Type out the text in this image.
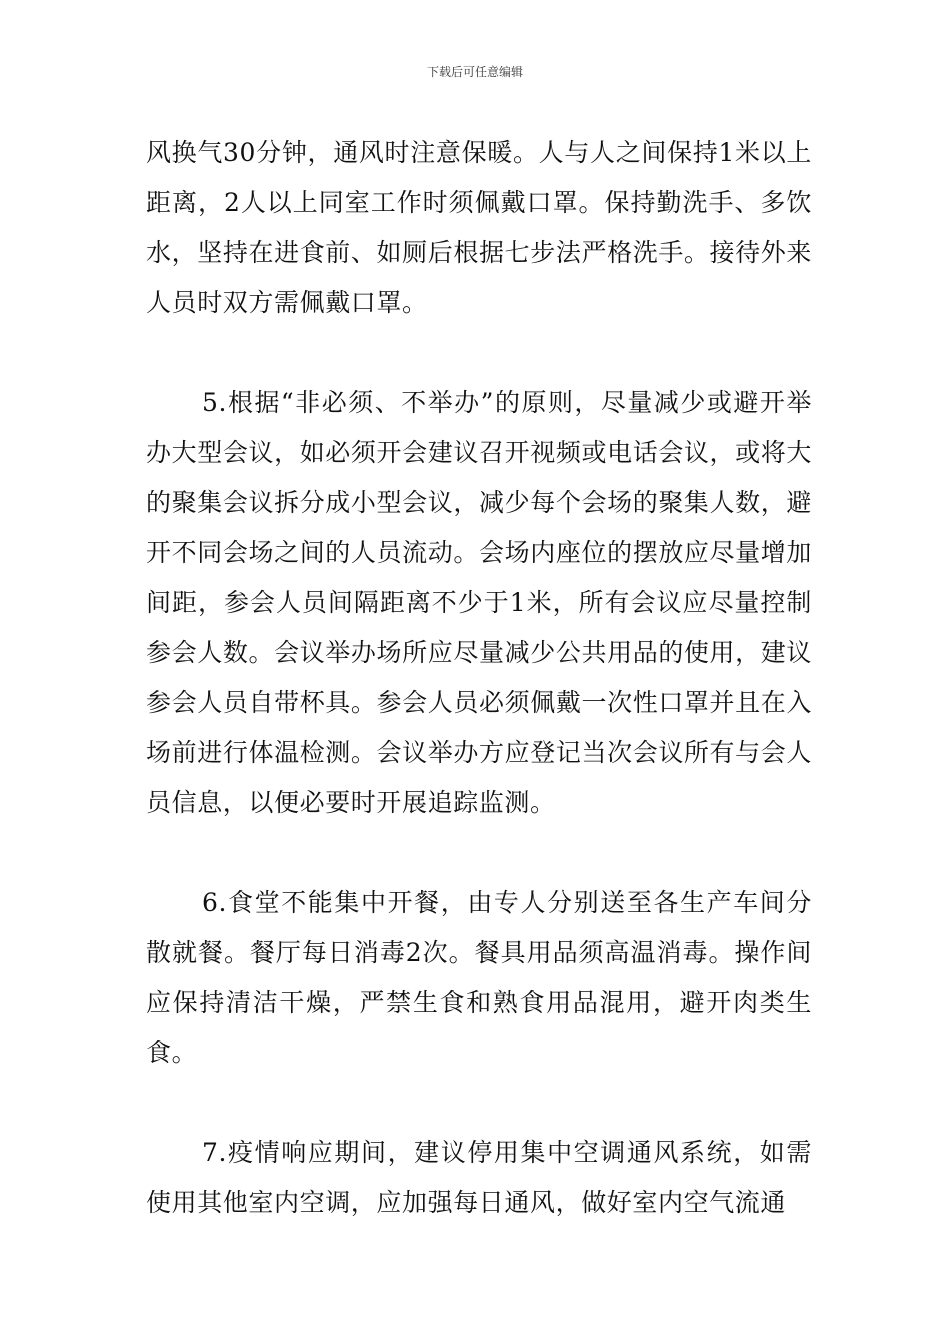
下载后可任意编辑

风换气30分钟，通风时注意保暖。人与人之间保持1米以上距离，2人以上同室工作时须佩戴口罩。保持勤洗手、多饮水，坚持在进食前、如厕后根据七步法严格洗手。接待外来人员时双方需佩戴口罩。

5.根据“非必须、不举办”的原则，尽量减少或避开举办大型会议，如必须开会建议召开视频或电话会议，或将大的聚集会议拆分成小型会议，减少每个会场的聚集人数，避开不同会场之间的人员流动。会场内座位的摆放应尽量增加间距，参会人员间隔距离不少于1米，所有会议应尽量控制参会人数。会议举办场所应尽量减少公共用品的使用，建议参会人员自带杯具。参会人员必须佩戴一次性口罩并且在入场前进行体温检测。会议举办方应登记当次会议所有与会人员信息，以便必要时开展追踪监测。

6.食堂不能集中开餐，由专人分别送至各生产车间分散就餐。餐厅每日消毒2次。餐具用品须高温消毒。操作间应保持清洁干燥，严禁生食和熟食用品混用，避开肉类生食。

7.疫情响应期间，建议停用集中空调通风系统，如需使用其他室内空调，应加强每日通风，做好室内空气流通
